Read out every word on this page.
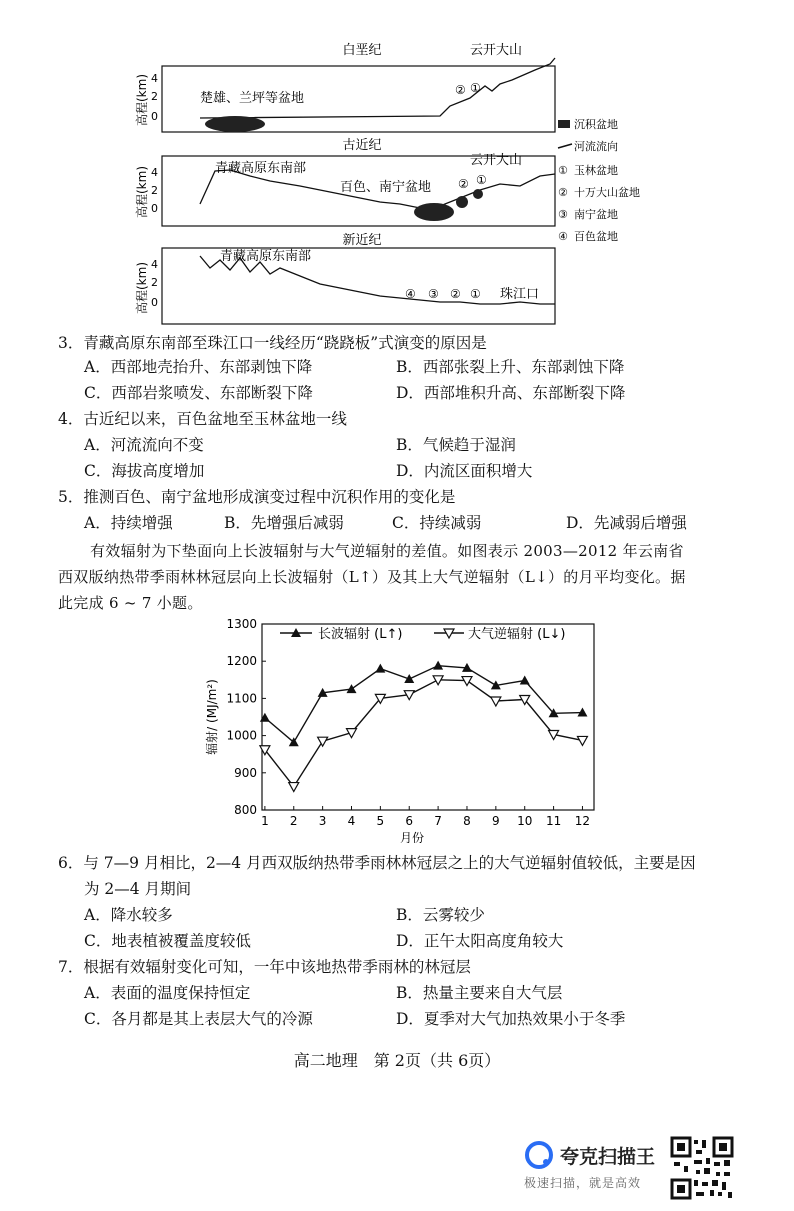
白垩纪
古近纪
新近纪
楚雄、兰坪等盆地
云开大山
② ①
青藏高原东南部
百色、南宁盆地
云开大山
② ①
青藏高原东南部
④ ③ ② ① 珠江口
4
2
0
4
2
0
4
2
0
高程(km)
高程(km)
高程(km)
沉积盆地
河流流向
① 玉林盆地
② 十万大山盆地
③ 南宁盆地
④ 百色盆地
3．青藏高原东南部至珠江口一线经历“跷跷板”式演变的原因是
A．西部地壳抬升、东部剥蚀下降	B．西部张裂上升、东部剥蚀下降
C．西部岩浆喷发、东部断裂下降	D．西部堆积升高、东部断裂下降
4．古近纪以来，百色盆地至玉林盆地一线
A．河流流向不变	B．气候趋于湿润
C．海拔高度增加	D．内流区面积增大
5．推测百色、南宁盆地形成演变过程中沉积作用的变化是
A．持续增强	B．先增强后减弱	C．持续减弱	D．先减弱后增强
有效辐射为下垫面向上长波辐射与大气逆辐射的差值。如图表示 2003—2012 年云南省
西双版纳热带季雨林林冠层向上长波辐射（L↑）及其上大气逆辐射（L↓）的月平均变化。据
此完成 6 ~ 7 小题。
800
900
1000
1100
1200
1300
1 2 3 4 5 6 7 8 9 10 11 12
长波辐射 (L↑)	大气逆辐射 (L↓)
月份
辐射/ (MJ/m²)
6．与 7—9 月相比，2—4 月西双版纳热带季雨林林冠层之上的大气逆辐射值较低，主要是因
为 2—4 月期间
A．降水较多	B．云雾较少
C．地表植被覆盖度较低	D．正午太阳高度角较大
7．根据有效辐射变化可知，一年中该地热带季雨林的林冠层
A．表面的温度保持恒定	B．热量主要来自大气层
C．各月都是其上表层大气的冷源	D．夏季对大气加热效果小于冬季
高二地理　第 2页（共 6页）
夸克扫描王
极速扫描，就是高效
